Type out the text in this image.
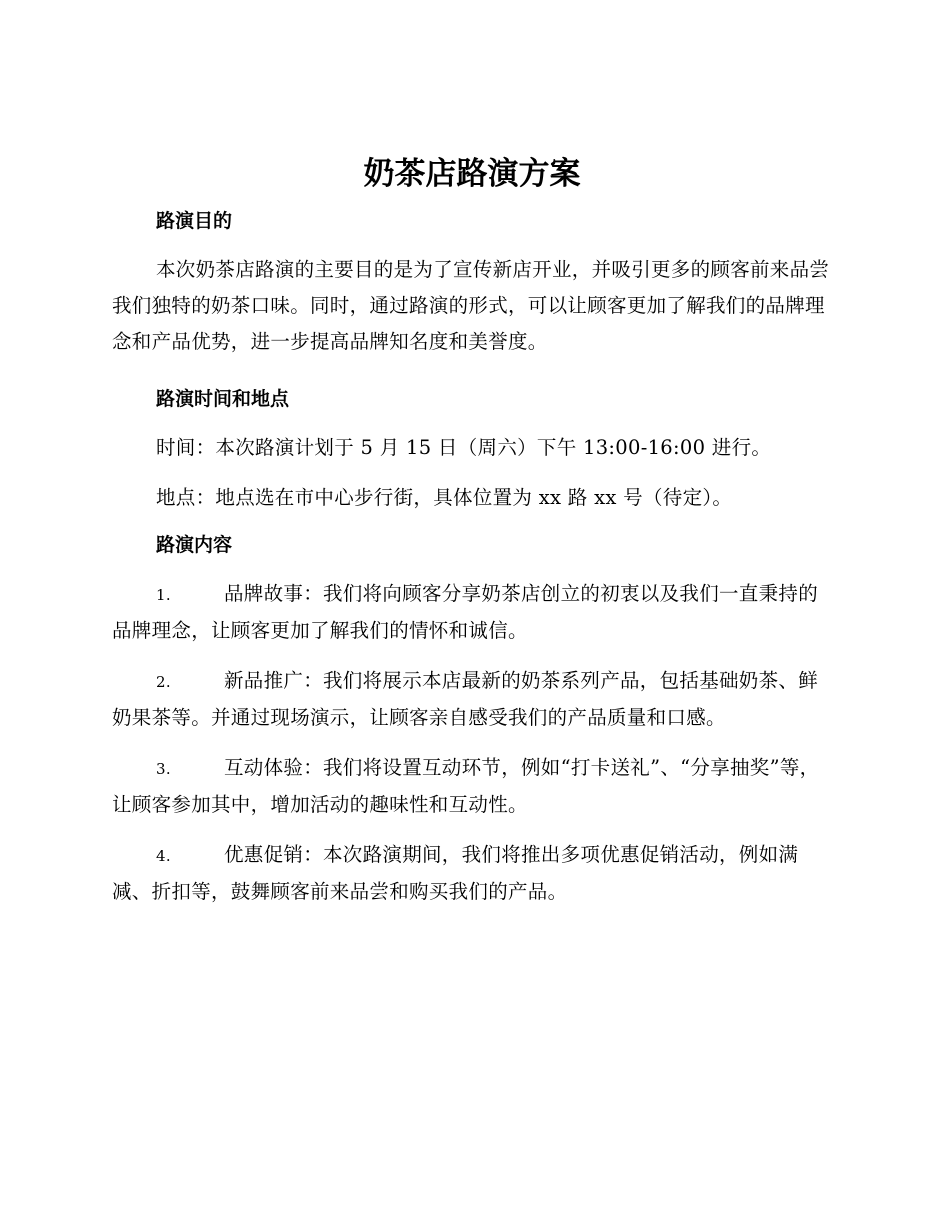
奶茶店路演方案
路演目的

本次奶茶店路演的主要目的是为了宣传新店开业，并吸引更多的顾客前来品尝我们独特的奶茶口味。同时，通过路演的形式，可以让顾客更加了解我们的品牌理念和产品优势，进一步提高品牌知名度和美誉度。

路演时间和地点

时间：本次路演计划于 5 月 15 日（周六）下午 13:00-16:00 进行。

地点：地点选在市中心步行街，具体位置为 xx 路 xx 号（待定）。

路演内容

1.	品牌故事：我们将向顾客分享奶茶店创立的初衷以及我们一直秉持的品牌理念，让顾客更加了解我们的情怀和诚信。

2.	新品推广：我们将展示本店最新的奶茶系列产品，包括基础奶茶、鲜奶果茶等。并通过现场演示，让顾客亲自感受我们的产品质量和口感。

3.	互动体验：我们将设置互动环节，例如“打卡送礼”、“分享抽奖”等，让顾客参加其中，增加活动的趣味性和互动性。

4.	优惠促销：本次路演期间，我们将推出多项优惠促销活动，例如满减、折扣等，鼓舞顾客前来品尝和购买我们的产品。
